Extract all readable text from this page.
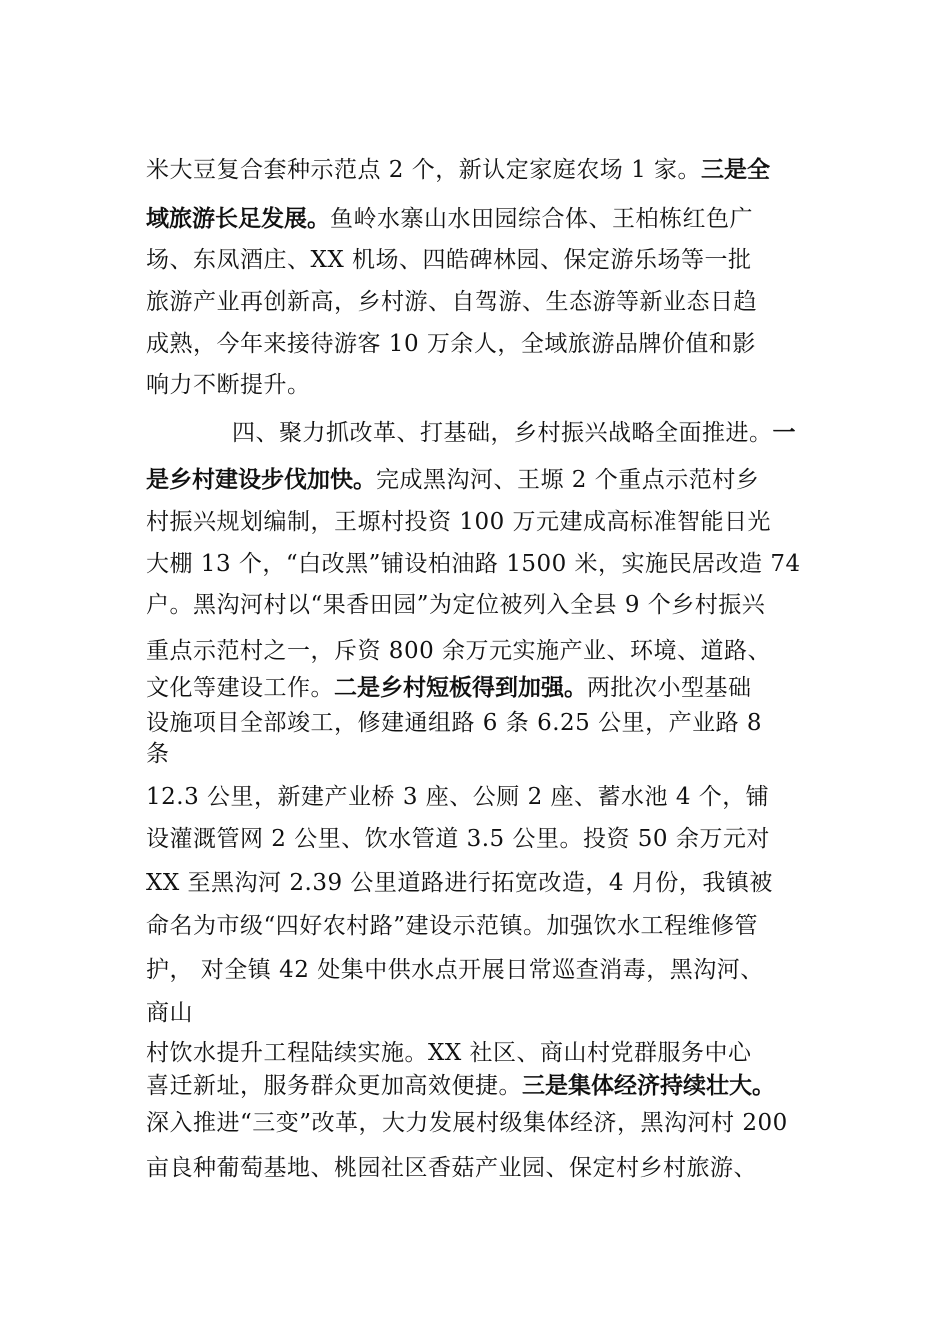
米大豆复合套种示范点 2 个，新认定家庭农场 1 家。三是全
域旅游长足发展。鱼岭水寨山水田园综合体、王柏栋红色广
场、东凤酒庄、XX 机场、四皓碑林园、保定游乐场等一批
旅游产业再创新高，乡村游、自驾游、生态游等新业态日趋
成熟，今年来接待游客 10 万余人，全域旅游品牌价值和影
响力不断提升。
四、聚力抓改革、打基础，乡村振兴战略全面推进。一
是乡村建设步伐加快。完成黑沟河、王塬 2 个重点示范村乡
村振兴规划编制，王塬村投资 100 万元建成高标准智能日光
大棚 13 个，“白改黑”铺设柏油路 1500 米，实施民居改造 74
户。黑沟河村以“果香田园”为定位被列入全县 9 个乡村振兴
重点示范村之一，斥资 800 余万元实施产业、环境、道路、
文化等建设工作。二是乡村短板得到加强。两批次小型基础
设施项目全部竣工，修建通组路 6 条 6.25 公里，产业路 8
条
12.3 公里，新建产业桥 3 座、公厕 2 座、蓄水池 4 个，铺
设灌溉管网 2 公里、饮水管道 3.5 公里。投资 50 余万元对
XX 至黑沟河 2.39 公里道路进行拓宽改造，4 月份，我镇被
命名为市级“四好农村路”建设示范镇。加强饮水工程维修管
护， 对全镇 42 处集中供水点开展日常巡查消毒，黑沟河、
商山
村饮水提升工程陆续实施。XX 社区、商山村党群服务中心
喜迁新址，服务群众更加高效便捷。三是集体经济持续壮大。
深入推进“三变”改革，大力发展村级集体经济，黑沟河村 200
亩良种葡萄基地、桃园社区香菇产业园、保定村乡村旅游、
